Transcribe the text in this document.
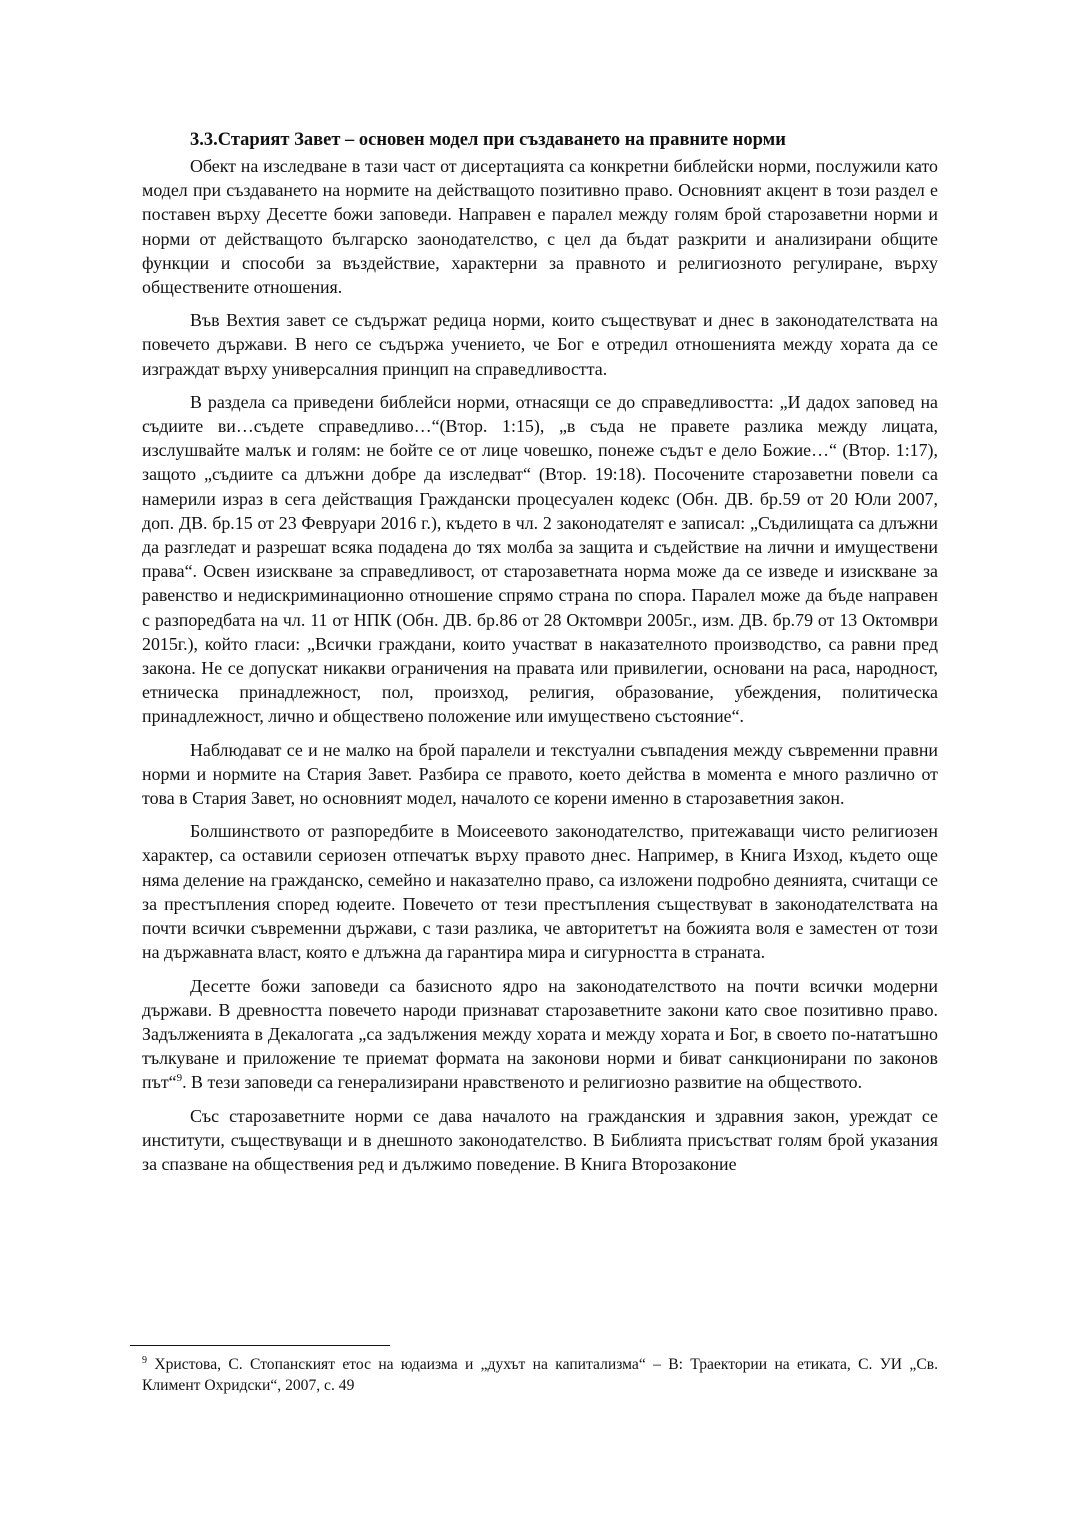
3.3.Старият Завет – основен модел при създаването на правните норми

Обект на изследване в тази част от дисертацията са конкретни библейски норми, послужили като модел при създаването на нормите на действащото позитивно право. Основният акцент в този раздел е поставен върху Десетте божи заповеди. Направен е паралел между голям брой старозаветни норми и норми от действащото българско заонодателство, с цел да бъдат разкрити и анализирани общите функции и способи за въздействие, характерни за правното и религиозното регулиране, върху обществените отношения.

Във Вехтия завет се съдържат редица норми, които съществуват и днес в законодателствата на повечето държави. В него се съдържа учението, че Бог е отредил отношенията между хората да се изграждат върху универсалния принцип на справедливостта.

В раздела са приведени библейси норми, отнасящи се до справедливостта: „И дадох заповед на съдиите ви…съдете справедливо…“(Втор. 1:15), „в съда не правете разлика между лицата, изслушвайте малък и голям: не бойте се от лице човешко, понеже съдът е дело Божие…“ (Втор. 1:17), защото „съдиите са длъжни добре да изследват“ (Втор. 19:18). Посочените старозаветни повели са намерили израз в сега действащия Граждански процесуален кодекс (Обн. ДВ. бр.59 от 20 Юли 2007, доп. ДВ. бр.15 от 23 Февруари 2016 г.), където в чл. 2 законодателят е записал: „Съдилищата са длъжни да разгледат и разрешат всяка подадена до тях молба за защита и съдействие на лични и имуществени права“. Освен изискване за справедливост, от старозаветната норма може да се изведе и изискване за равенство и недискриминационно отношение спрямо страна по спора. Паралел може да бъде направен с разпоредбата на чл. 11 от НПК (Обн. ДВ. бр.86 от 28 Октомври 2005г., изм. ДВ. бр.79 от 13 Октомври 2015г.), който гласи: „Всички граждани, които участват в наказателното производство, са равни пред закона. Не се допускат никакви ограничения на правата или привилегии, основани на раса, народност, етническа принадлежност, пол, произход, религия, образование, убеждения, политическа принадлежност, лично и обществено положение или имуществено състояние“.

Наблюдават се и не малко на брой паралели и текстуални съвпадения между съвременни правни норми и нормите на Стария Завет. Разбира се правото, което действа в момента е много различно от това в Стария Завет, но основният модел, началото се корени именно в старозаветния закон.

Болшинството от разпоредбите в Моисеевото законодателство, притежаващи чисто религиозен характер, са оставили сериозен отпечатък върху правото днес. Например, в Книга Изход, където още няма деление на гражданско, семейно и наказателно право, са изложени подробно деянията, считащи се за престъпления според юдеите. Повечето от тези престъпления съществуват в законодателствата на почти всички съвременни държави, с тази разлика, че авторитетът на божията воля е заместен от този на държавната власт, която е длъжна да гарантира мира и сигурността в страната.

Десетте божи заповеди са базисното ядро на законодателството на почти всички модерни държави. В древността повечето народи признават старозаветните закони като свое позитивно право. Задълженията в Декалогата „са задължения между хората и между хората и Бог, в своето по-нататъшно тълкуване и приложение те приемат формата на законови норми и биват санкционирани по законов път“$^9$. В тези заповеди са генерализирани нравственото и религиозно развитие на обществото.

Със старозаветните норми се дава началото на гражданския и здравния закон, уреждат се институти, съществуващи и в днешното законодателство. В Библията присъстват голям брой указания за спазване на обществения ред и дължимо поведение. В Книга Второзаконие

$^9$ Христова, С. Стопанският етос на юдаизма и „духът на капитализма“ – В: Траектории на етиката, С. УИ „Св. Климент Охридски“, 2007, с. 49
